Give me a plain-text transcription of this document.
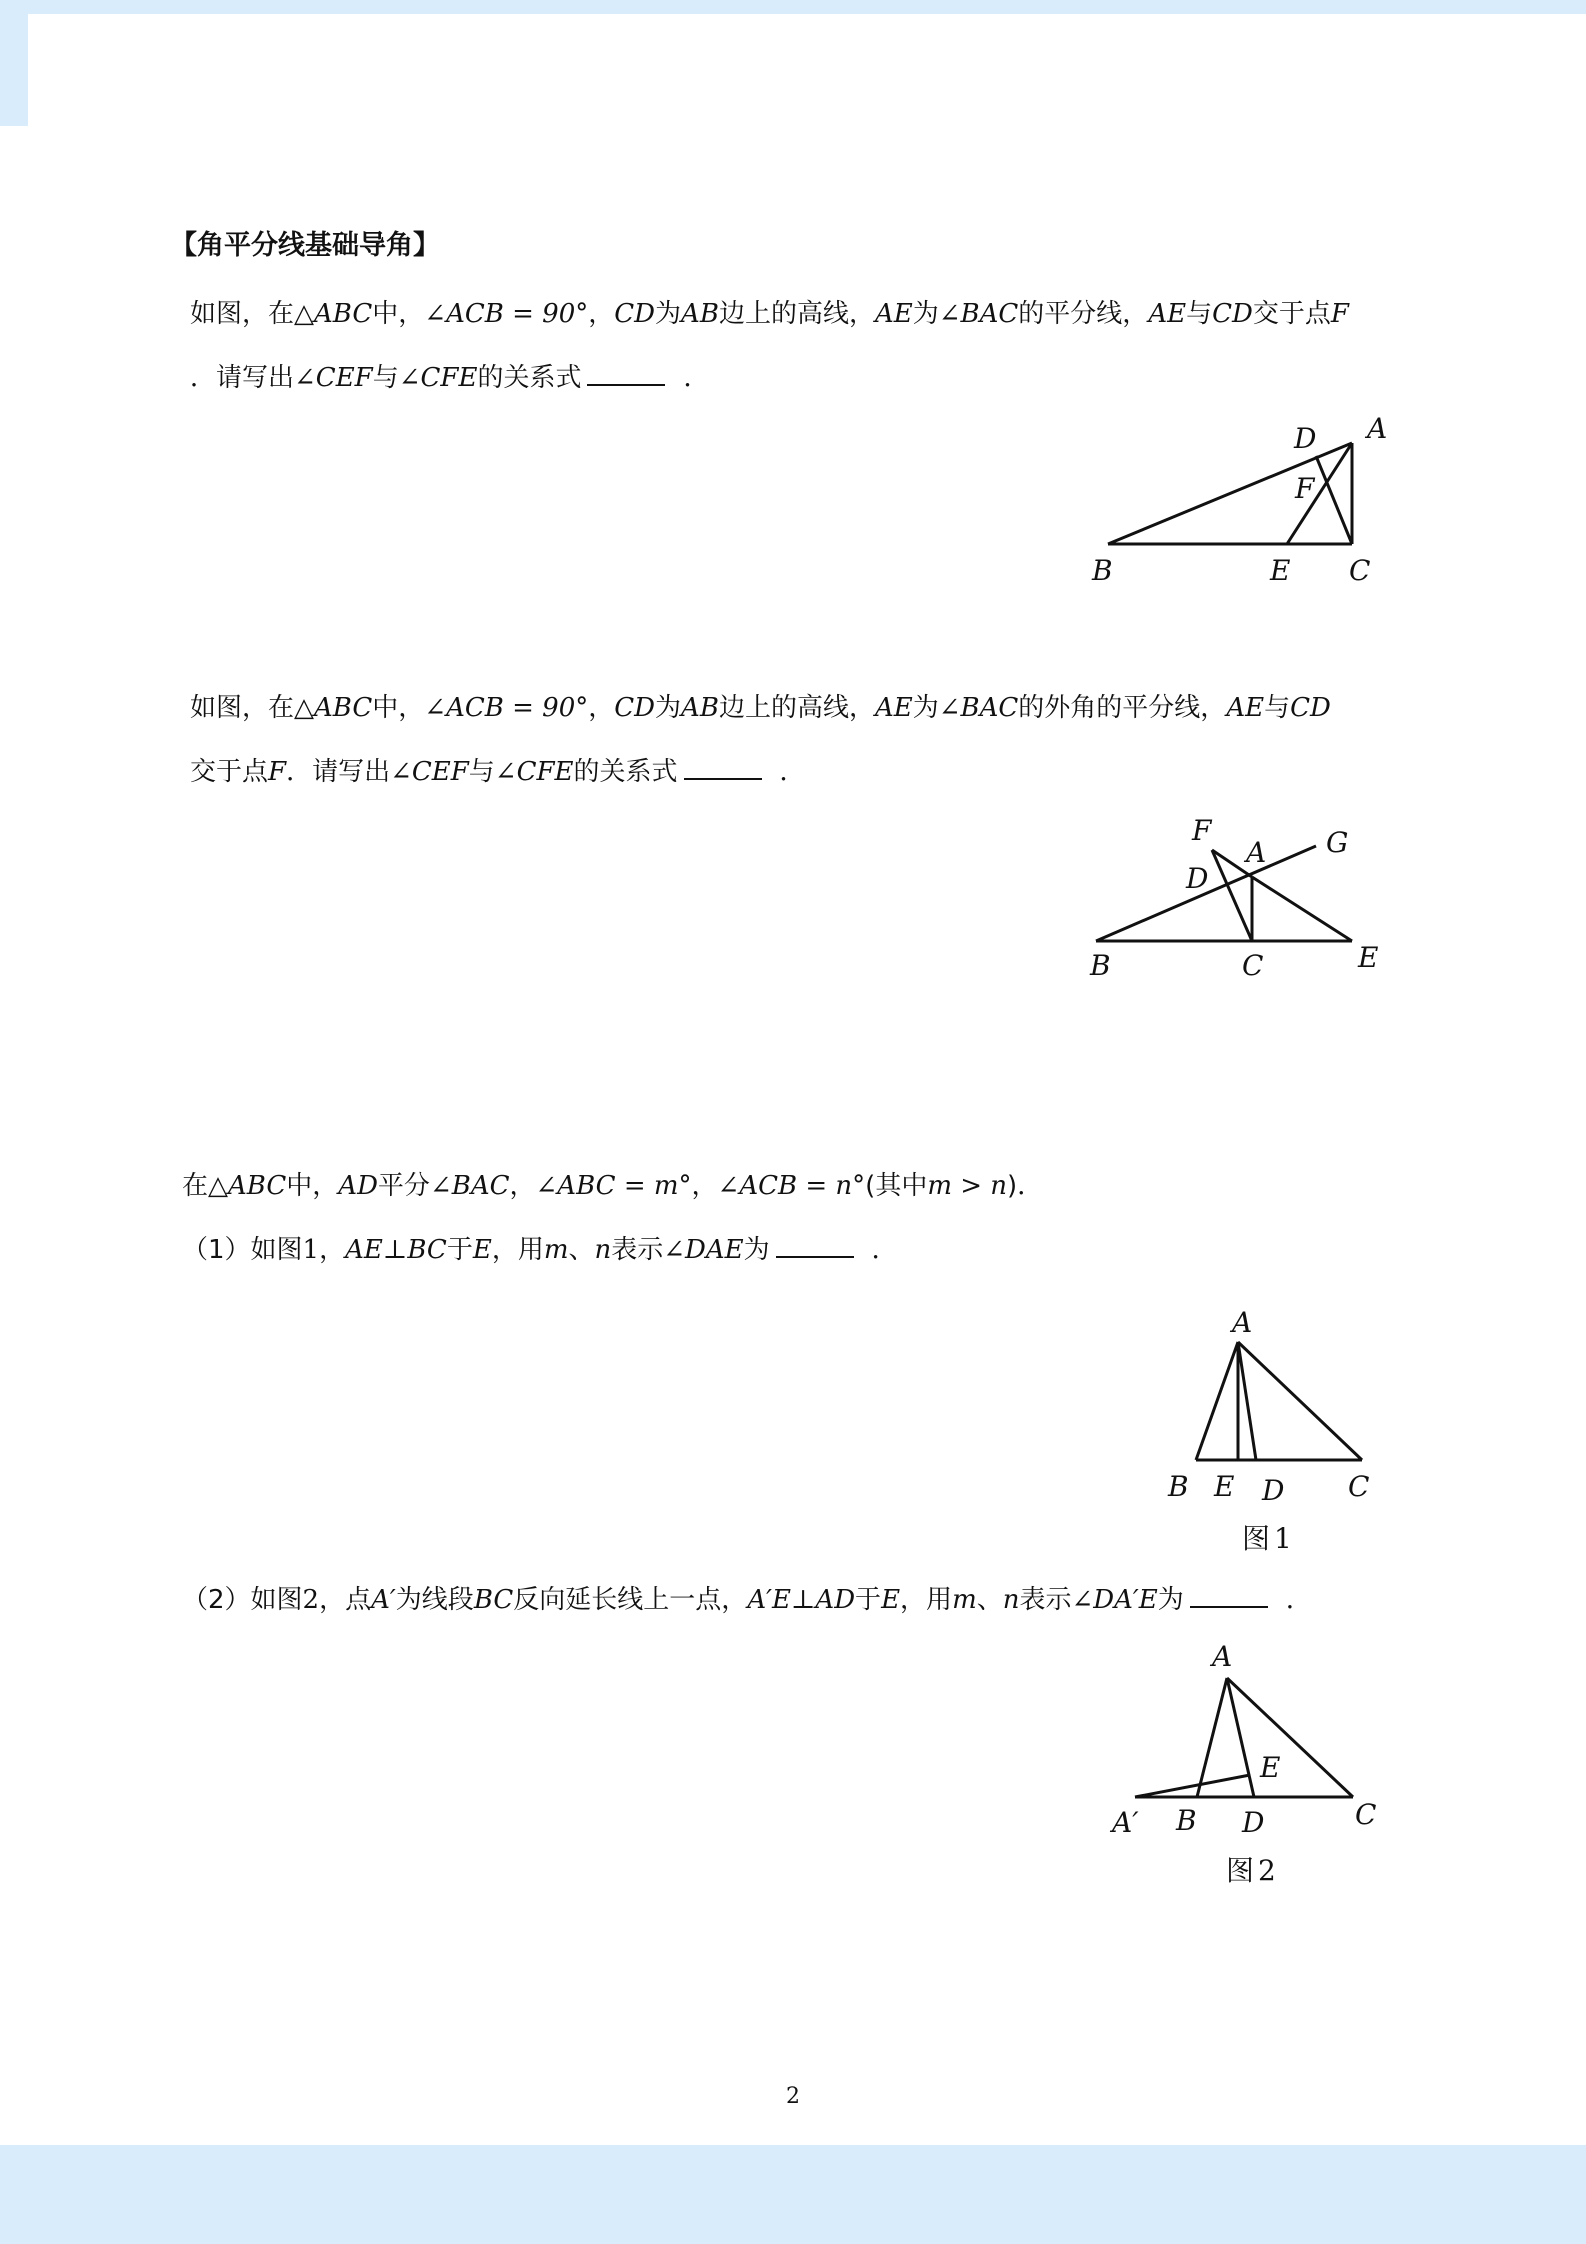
【角平分线基础导角】
如图，在△ABC中，∠ACB = 90°，CD为AB边上的高线，AE为∠BAC的平分线，AE与CD交于点F
．请写出∠CEF与∠CFE的关系式	．
A
D
F
B	E C
如图，在△ABC中，∠ACB = 90°，CD为AB边上的高线，AE为∠BAC的外角的平分线，AE与CD
交于点F．请写出∠CEF与∠CFE的关系式	．
F
A G
D
B	C	E
在△ABC中，AD平分∠BAC，∠ABC = m°，∠ACB = n°(其中m > n)．
（1）如图1，AE⊥BC于E，用m、n表示∠DAE为	．
A
B E D C
图 1
（2）如图2，点A′为线段BC反向延长线上一点，A′E⊥AD于E，用m、n表示∠DA′E为	．
A
E
A′ B D	C
图 2
2
